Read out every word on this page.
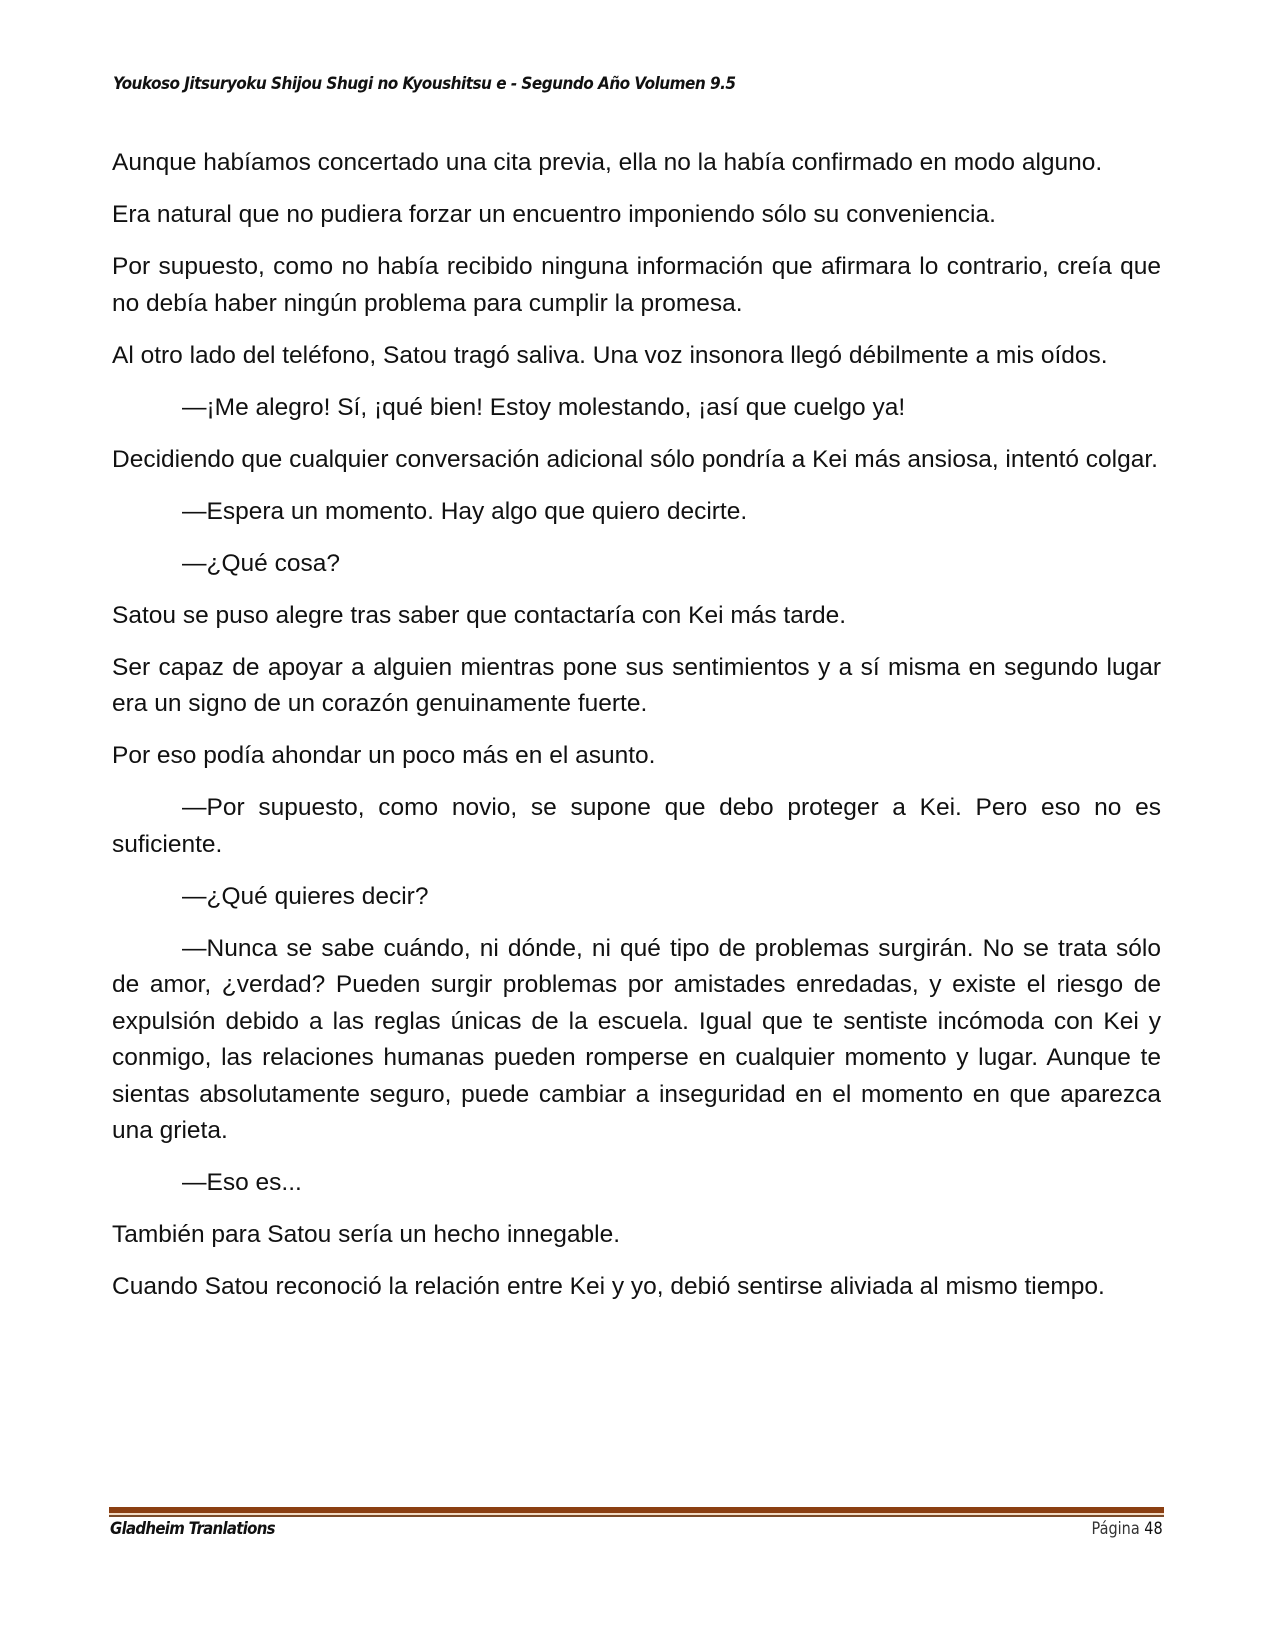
Youkoso Jitsuryoku Shijou Shugi no Kyoushitsu e - Segundo Año Volumen 9.5

Aunque habíamos concertado una cita previa, ella no la había confirmado en modo alguno.

Era natural que no pudiera forzar un encuentro imponiendo sólo su conveniencia.

Por supuesto, como no había recibido ninguna información que afirmara lo contrario, creía que no debía haber ningún problema para cumplir la promesa.

Al otro lado del teléfono, Satou tragó saliva. Una voz insonora llegó débilmente a mis oídos.

—¡Me alegro! Sí, ¡qué bien! Estoy molestando, ¡así que cuelgo ya!

Decidiendo que cualquier conversación adicional sólo pondría a Kei más ansiosa, intentó colgar.

—Espera un momento. Hay algo que quiero decirte.

—¿Qué cosa?

Satou se puso alegre tras saber que contactaría con Kei más tarde.

Ser capaz de apoyar a alguien mientras pone sus sentimientos y a sí misma en segundo lugar era un signo de un corazón genuinamente fuerte.

Por eso podía ahondar un poco más en el asunto.

—Por supuesto, como novio, se supone que debo proteger a Kei. Pero eso no es suficiente.

—¿Qué quieres decir?

—Nunca se sabe cuándo, ni dónde, ni qué tipo de problemas surgirán. No se trata sólo de amor, ¿verdad? Pueden surgir problemas por amistades enredadas, y existe el riesgo de expulsión debido a las reglas únicas de la escuela. Igual que te sentiste incómoda con Kei y conmigo, las relaciones humanas pueden romperse en cualquier momento y lugar. Aunque te sientas absolutamente seguro, puede cambiar a inseguridad en el momento en que aparezca una grieta.

—Eso es...

También para Satou sería un hecho innegable.

Cuando Satou reconoció la relación entre Kei y yo, debió sentirse aliviada al mismo tiempo.

Gladheim Tranlations	Página 48
